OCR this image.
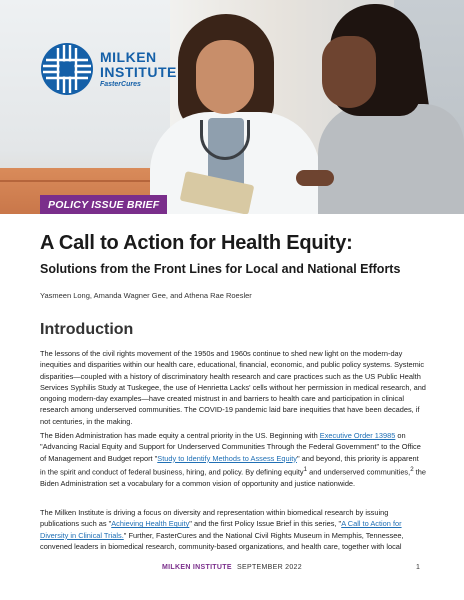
MILKEN
INSTITUTE
FasterCures
POLICY ISSUE BRIEF
A Call to Action for Health Equity:
Solutions from the Front Lines for Local and National Efforts
Yasmeen Long, Amanda Wagner Gee, and Athena Rae Roesler
Introduction

The lessons of the civil rights movement of the 1950s and 1960s continue to shed new light on the modern-day inequities and disparities within our health care, educational, financial, economic, and public policy systems. Systemic disparities—coupled with a history of discriminatory health research and care practices such as the US Public Health Services Syphilis Study at Tuskegee, the use of Henrietta Lacks' cells without her permission in medical research, and ongoing modern-day examples—have created mistrust in and barriers to health care and participation in clinical research among underserved communities. The COVID-19 pandemic laid bare inequities that have been decades, if not centuries, in the making.

The Biden Administration has made equity a central priority in the US. Beginning with Executive Order 13985 on "Advancing Racial Equity and Support for Underserved Communities Through the Federal Government" to the Office of Management and Budget report "Study to Identify Methods to Assess Equity" and beyond, this priority is apparent in the spirit and conduct of federal business, hiring, and policy. By defining equity$^1$ and underserved communities,$^2$ the Biden Administration set a vocabulary for a common vision of opportunity and justice nationwide.

The Milken Institute is driving a focus on diversity and representation within biomedical research by issuing publications such as "Achieving Health Equity" and the first Policy Issue Brief in this series, "A Call to Action for Diversity in Clinical Trials." Further, FasterCures and the National Civil Rights Museum in Memphis, Tennessee, convened leaders in biomedical research, community-based organizations, and health care, together with local

MILKEN INSTITUTE SEPTEMBER 2022	1
